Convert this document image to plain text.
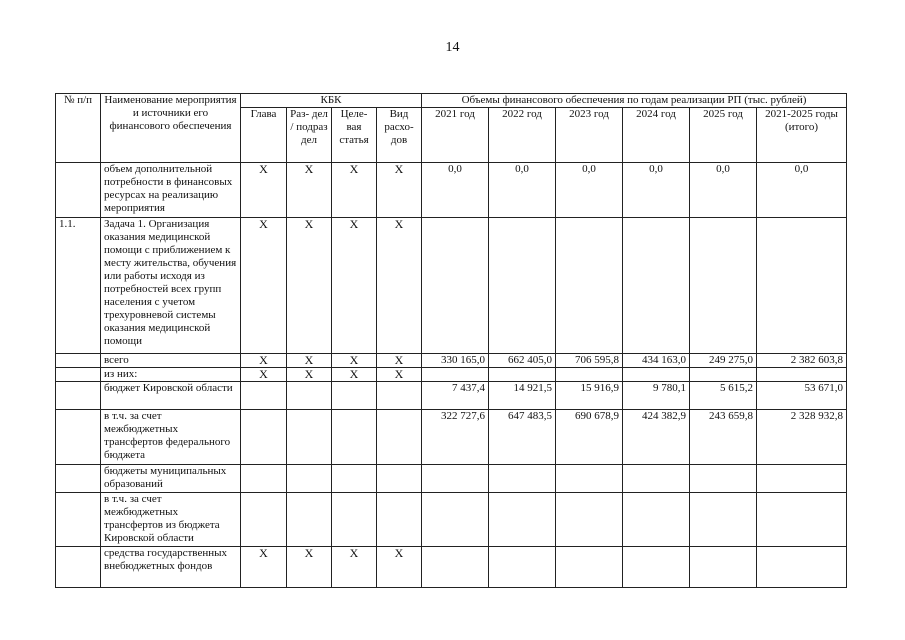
14
№ п/п	Наименование мероприятия и источники его финансового обеспечения	КБК				Объемы финансового обеспечения по годам реализации РП (тыс. рублей)					
		Глава	Раз- дел / подраз дел	Целе- вая статья	Вид расхо- дов	2021 год	2022 год	2023 год	2024 год	2025 год	2021-2025 годы (итого)
	объем дополнительной потребности в финансовых ресурсах на реализацию мероприятия	Х	Х	Х	Х	0,0	0,0	0,0	0,0	0,0	0,0
1.1.	Задача 1. Организация оказания медицинской помощи с приближением к месту жительства, обучения или работы исходя из потребностей всех групп населения с учетом трехуровневой системы оказания медицинской помощи	Х	Х	Х	Х						
	всего	Х	Х	Х	Х	330 165,0	662 405,0	706 595,8	434 163,0	249 275,0	2 382 603,8
	из них:	Х	Х	Х	Х						
	бюджет Кировской области					7 437,4	14 921,5	15 916,9	9 780,1	5 615,2	53 671,0
	в т.ч. за счет межбюджетных трансфертов федерального бюджета					322 727,6	647 483,5	690 678,9	424 382,9	243 659,8	2 328 932,8
	бюджеты муниципальных образований										
	в т.ч. за счет межбюджетных трансфертов из бюджета Кировской области										
	средства государственных внебюджетных фондов	Х	Х	Х	Х						
